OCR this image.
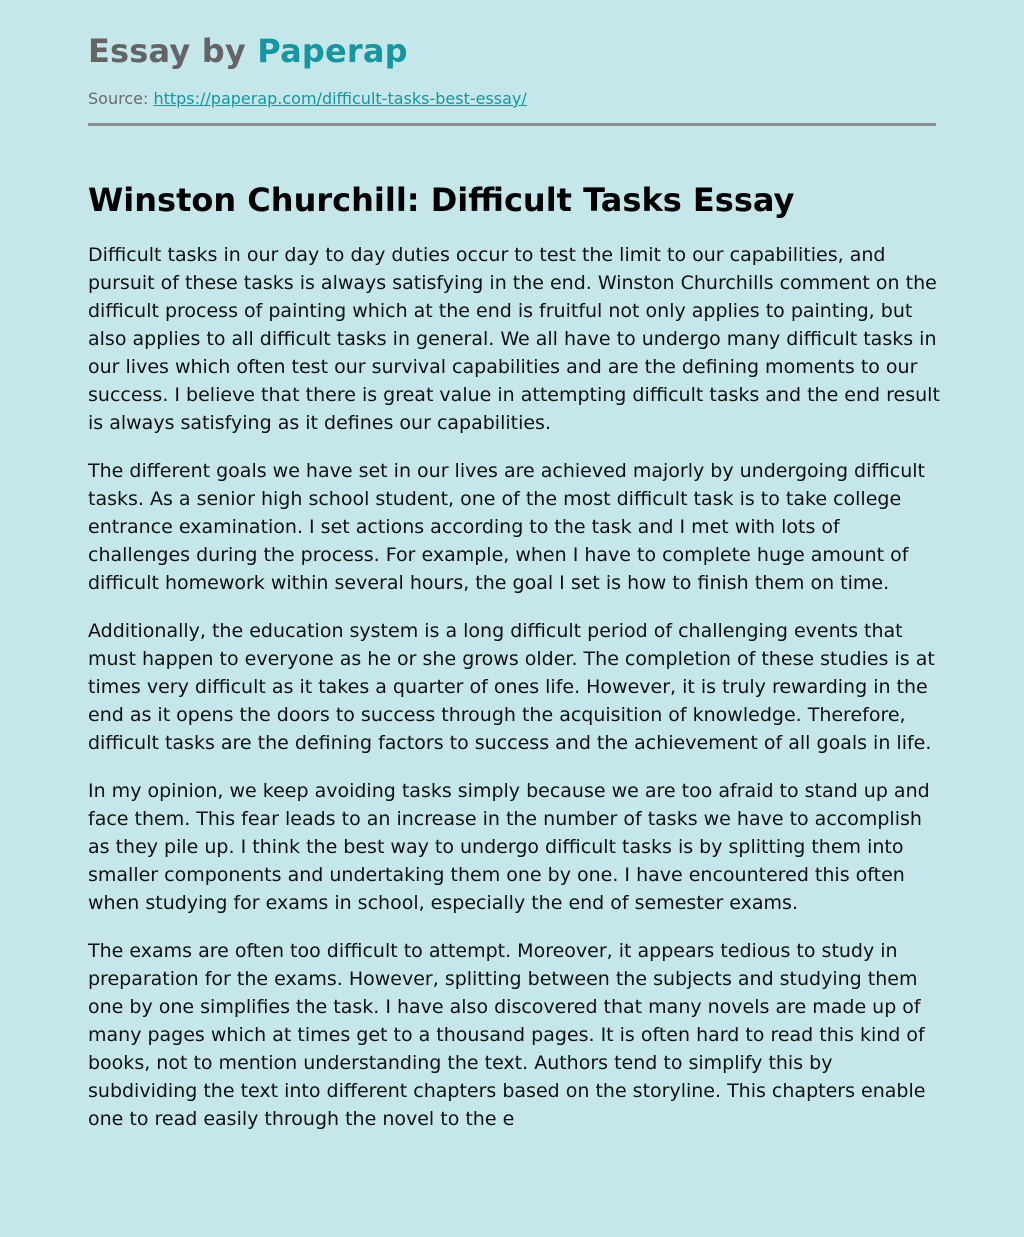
Essay by Paperap
Source: https://paperap.com/difficult-tasks-best-essay/
Winston Churchill: Difficult Tasks Essay

Difficult tasks in our day to day duties occur to test the limit to our capabilities, and pursuit of these tasks is always satisfying in the end. Winston Churchills comment on the difficult process of painting which at the end is fruitful not only applies to painting, but also applies to all difficult tasks in general. We all have to undergo many difficult tasks in our lives which often test our survival capabilities and are the defining moments to our success. I believe that there is great value in attempting difficult tasks and the end result is always satisfying as it defines our capabilities.

The different goals we have set in our lives are achieved majorly by undergoing difficult tasks. As a senior high school student, one of the most difficult task is to take college entrance examination. I set actions according to the task and I met with lots of challenges during the process. For example, when I have to complete huge amount of difficult homework within several hours, the goal I set is how to finish them on time.

Additionally, the education system is a long difficult period of challenging events that must happen to everyone as he or she grows older. The completion of these studies is at times very difficult as it takes a quarter of ones life. However, it is truly rewarding in the end as it opens the doors to success through the acquisition of knowledge. Therefore, difficult tasks are the defining factors to success and the achievement of all goals in life.

In my opinion, we keep avoiding tasks simply because we are too afraid to stand up and face them. This fear leads to an increase in the number of tasks we have to accomplish as they pile up. I think the best way to undergo difficult tasks is by splitting them into smaller components and undertaking them one by one. I have encountered this often when studying for exams in school, especially the end of semester exams.

The exams are often too difficult to attempt. Moreover, it appears tedious to study in preparation for the exams. However, splitting between the subjects and studying them one by one simplifies the task. I have also discovered that many novels are made up of many pages which at times get to a thousand pages. It is often hard to read this kind of books, not to mention understanding the text. Authors tend to simplify this by subdividing the text into different chapters based on the storyline. This chapters enable one to read easily through the novel to the e
